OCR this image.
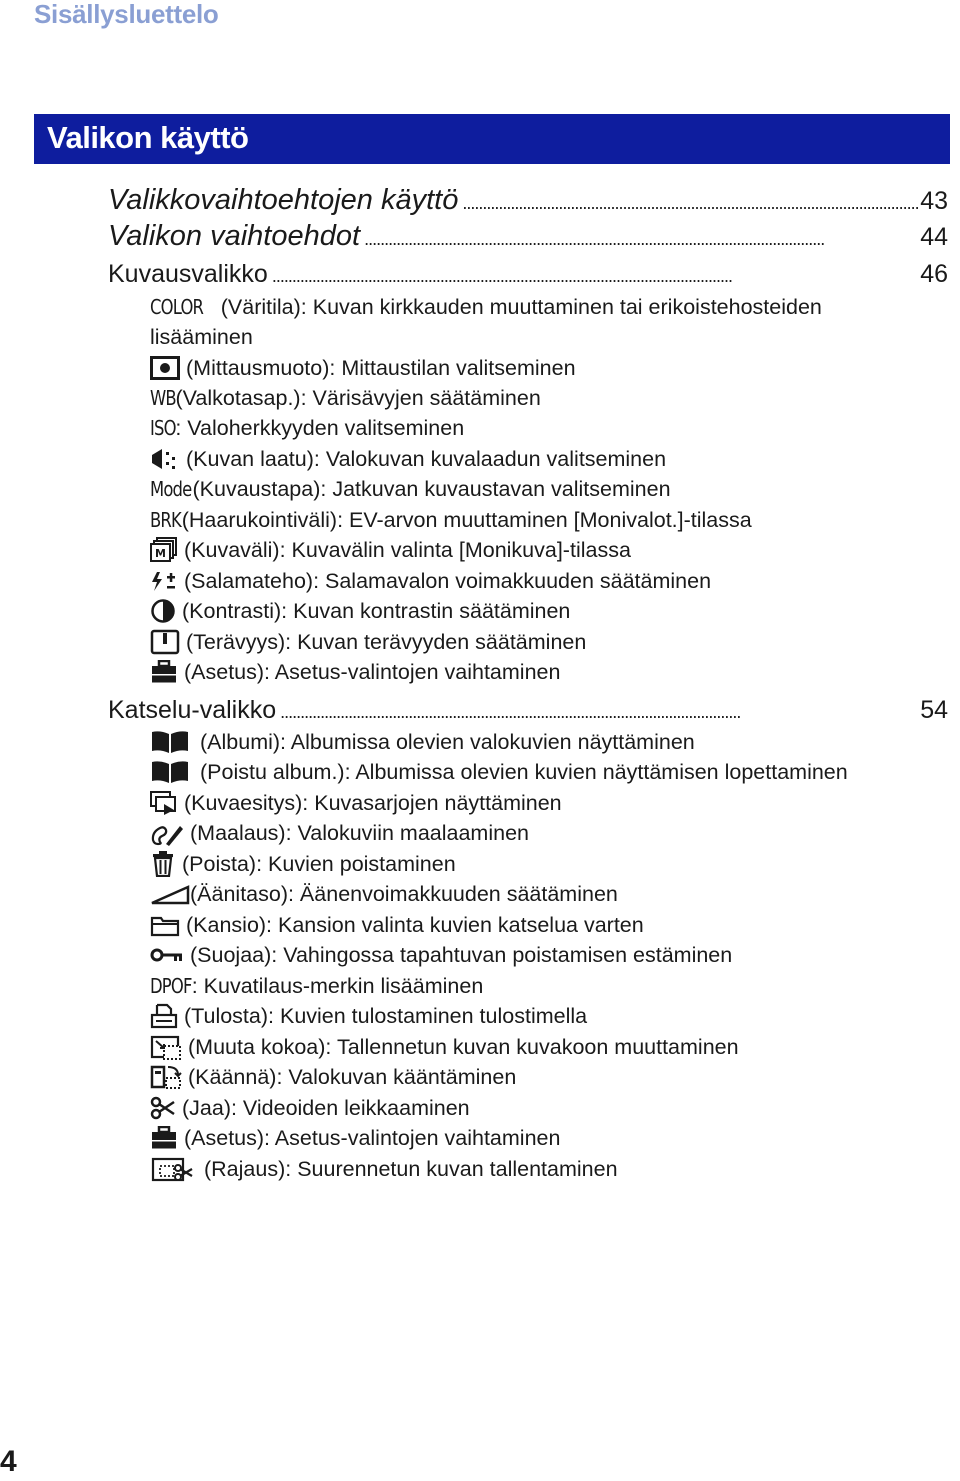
Sisällysluettelo
Valikon käyttö
Valikkovaihtoehtojen käyttö . . .	43
Valikon vaihtoehdot . . .	44
Kuvausvalikko . . .	46
COLOR (Väritila): Kuvan kirkkauden muuttaminen tai erikoistehosteiden lisääminen
(Mittausmuoto): Mittaustilan valitseminen
WB (Valkotasap.): Värisävyjen säätäminen
ISO : Valoherkkyyden valitseminen
(Kuvan laatu): Valokuvan kuvalaadun valitseminen
Mode (Kuvaustapa): Jatkuvan kuvaustavan valitseminen
BRK (Haarukointiväli): EV-arvon muuttaminen [Monivalot.]-tilassa
M (Kuvaväli): Kuvavälin valinta [Monikuva]-tilassa
(Salamateho): Salamavalon voimakkuuden säätäminen
(Kontrasti): Kuvan kontrastin säätäminen
(Terävyys): Kuvan terävyyden säätäminen
(Asetus): Asetus-valintojen vaihtaminen
Katselu-valikko . . .	54
(Albumi): Albumissa olevien valokuvien näyttäminen
(Poistu album.): Albumissa olevien kuvien näyttämisen lopettaminen
(Kuvaesitys): Kuvasarjojen näyttäminen
(Maalaus): Valokuviin maalaaminen
(Poista): Kuvien poistaminen
(Äänitaso): Äänenvoimakkuuden säätäminen
(Kansio): Kansion valinta kuvien katselua varten
(Suojaa): Vahingossa tapahtuvan poistamisen estäminen
DPOF : Kuvatilaus-merkin lisääminen
(Tulosta): Kuvien tulostaminen tulostimella
(Muuta kokoa): Tallennetun kuvan kuvakoon muuttaminen
(Käännä): Valokuvan kääntäminen
(Jaa): Videoiden leikkaaminen
(Asetus): Asetus-valintojen vaihtaminen
(Rajaus): Suurennetun kuvan tallentaminen
4
